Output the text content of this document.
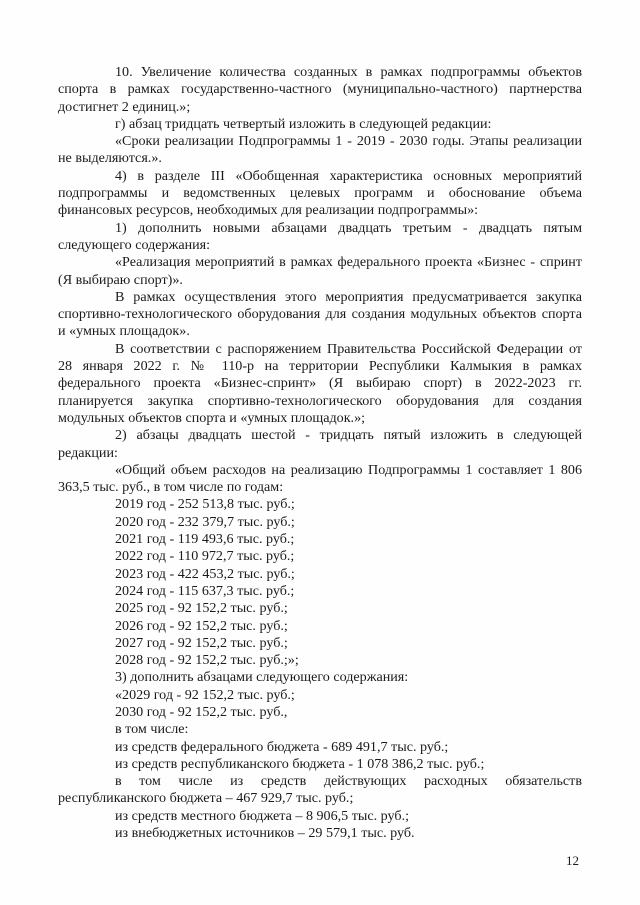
10. Увеличение количества созданных в рамках подпрограммы объектов спорта в рамках государственно-частного (муниципально-частного) партнерства достигнет 2 единиц.»;

г) абзац тридцать четвертый изложить в следующей редакции:

«Сроки реализации Подпрограммы 1 - 2019 - 2030 годы. Этапы реализации не выделяются.».

4) в разделе III «Обобщенная характеристика основных мероприятий подпрограммы и ведомственных целевых программ и обоснование объема финансовых ресурсов, необходимых для реализации подпрограммы»:

1) дополнить новыми абзацами двадцать третьим - двадцать пятым следующего содержания:

«Реализация мероприятий в рамках федерального проекта «Бизнес - спринт (Я выбираю спорт)».

В рамках осуществления этого мероприятия предусматривается закупка спортивно-технологического оборудования для создания модульных объектов спорта и «умных площадок».

В соответствии с распоряжением Правительства Российской Федерации от 28 января 2022 г. № 110-р на территории Республики Калмыкия в рамках федерального проекта «Бизнес-спринт» (Я выбираю спорт) в 2022-2023 гг. планируется закупка спортивно-технологического оборудования для создания модульных объектов спорта и «умных площадок.»;

2) абзацы двадцать шестой - тридцать пятый изложить в следующей редакции:

«Общий объем расходов на реализацию Подпрограммы 1 составляет 1 806 363,5 тыс. руб., в том числе по годам:

2019 год - 252 513,8 тыс. руб.;

2020 год - 232 379,7 тыс. руб.;

2021 год - 119 493,6 тыс. руб.;

2022 год - 110 972,7 тыс. руб.;

2023 год - 422 453,2 тыс. руб.;

2024 год - 115 637,3 тыс. руб.;

2025 год - 92 152,2 тыс. руб.;

2026 год - 92 152,2 тыс. руб.;

2027 год - 92 152,2 тыс. руб.;

2028 год - 92 152,2 тыс. руб.;»;

3) дополнить абзацами следующего содержания:

«2029 год - 92 152,2 тыс. руб.;

2030 год - 92 152,2 тыс. руб.,

в том числе:

из средств федерального бюджета - 689 491,7 тыс. руб.;

из средств республиканского бюджета - 1 078 386,2 тыс. руб.;

в том числе из средств действующих расходных обязательств республиканского бюджета – 467 929,7 тыс. руб.;

из средств местного бюджета – 8 906,5 тыс. руб.;

из внебюджетных источников – 29 579,1 тыс. руб.

12
